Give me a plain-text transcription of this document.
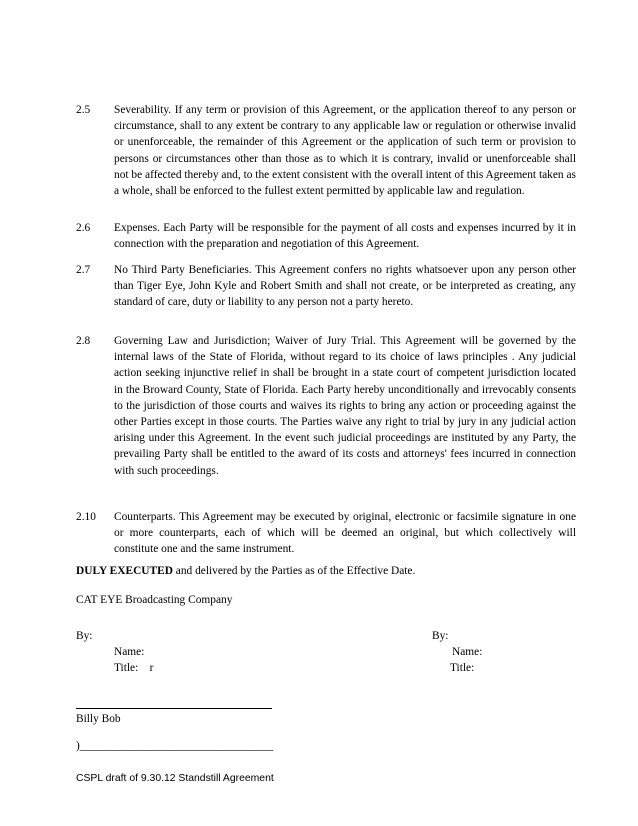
2.5	Severability. If any term or provision of this Agreement, or the application thereof to any person or circumstance, shall to any extent be contrary to any applicable law or regulation or otherwise invalid or unenforceable, the remainder of this Agreement or the application of such term or provision to persons or circumstances other than those as to which it is contrary, invalid or unenforceable shall not be affected thereby and, to the extent consistent with the overall intent of this Agreement taken as a whole, shall be enforced to the fullest extent permitted by applicable law and regulation.
2.6	Expenses. Each Party will be responsible for the payment of all costs and expenses incurred by it in connection with the preparation and negotiation of this Agreement.
2.7	No Third Party Beneficiaries. This Agreement confers no rights whatsoever upon any person other than Tiger Eye, John Kyle and Robert Smith and shall not create, or be interpreted as creating, any standard of care, duty or liability to any person not a party hereto.
2.8	Governing Law and Jurisdiction; Waiver of Jury Trial. This Agreement will be governed by the internal laws of the State of Florida, without regard to its choice of laws principles . Any judicial action seeking injunctive relief in shall be brought in a state court of competent jurisdiction located in the Broward County, State of Florida. Each Party hereby unconditionally and irrevocably consents to the jurisdiction of those courts and waives its rights to bring any action or proceeding against the other Parties except in those courts. The Parties waive any right to trial by jury in any judicial action arising under this Agreement. In the event such judicial proceedings are instituted by any Party, the prevailing Party shall be entitled to the award of its costs and attorneys' fees incurred in connection with such proceedings.
2.10	Counterparts. This Agreement may be executed by original, electronic or facsimile signature in one or more counterparts, each of which will be deemed an original, but which collectively will constitute one and the same instrument.
DULY EXECUTED and delivered by the Parties as of the Effective Date.
CAT EYE Broadcasting Company
By:
Name:
Title:    r
By:
Name:
Title:
Billy Bob
)__________________________________
CSPL draft of 9.30.12 Standstill Agreement
